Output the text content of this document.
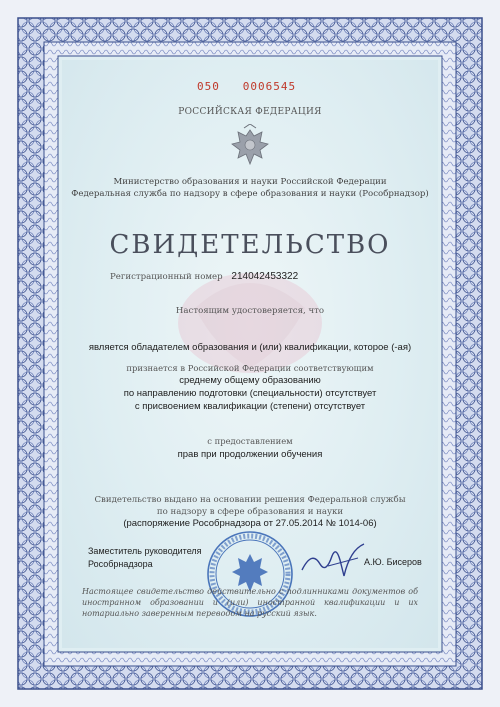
050 0006545
РОССИЙСКАЯ ФЕДЕРАЦИЯ
Министерство образования и науки Российской Федерации
Федеральная служба по надзору в сфере образования и науки (Рособрнадзор)
СВИДЕТЕЛЬСТВО
Регистрационный номер 214042453322
Настоящим удостоверяется, что
является обладателем образования и (или) квалификации, которое (-ая)
признается в Российской Федерации соответствующим
среднему общему образованию
по направлению подготовки (специальности) отсутствует
с присвоением квалификации (степени) отсутствует
с предоставлением
прав при продолжении обучения
Свидетельство выдано на основании решения Федеральной службы
по надзору в сфере образования и науки
(распоряжение Рособрнадзора от 27.05.2014 № 1014-06)
Заместитель руководителя
Рособрнадзора	А.Ю. Бисеров
Настоящее свидетельство действительно с подлинниками документов об иностранном образовании и (или) иностранной квалификации и их нотариально заверенным переводом на русский язык.
